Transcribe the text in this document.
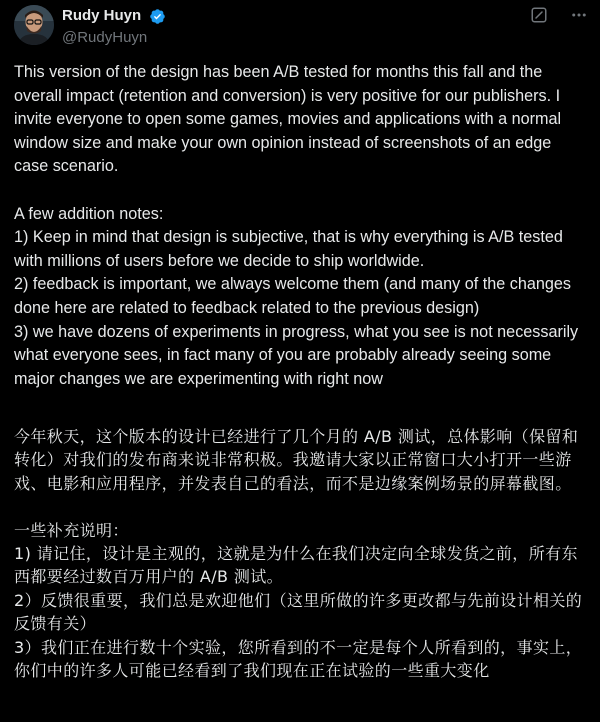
Rudy Huyn
@RudyHuyn

This version of the design has been A/B tested for months this fall and the overall impact (retention and conversion) is very positive for our publishers. I invite everyone to open some games, movies and applications with a normal window size and make your own opinion instead of screenshots of an edge case scenario.

A few addition notes:

1) Keep in mind that design is subjective, that is why everything is A/B tested with millions of users before we decide to ship worldwide.

2) feedback is important, we always welcome them (and many of the changes done here are related to feedback related to the previous design)

3) we have dozens of experiments in progress, what you see is not necessarily what everyone sees, in fact many of you are probably already seeing some major changes we are experimenting with right now

今年秋天，这个版本的设计已经进行了几个月的 A/B 测试，总体影响（保留和转化）对我们的发布商来说非常积极。我邀请大家以正常窗口大小打开一些游戏、电影和应用程序，并发表自己的看法，而不是边缘案例场景的屏幕截图。

一些补充说明：

1) 请记住，设计是主观的，这就是为什么在我们决定向全球发货之前，所有东西都要经过数百万用户的 A/B 测试。

2）反馈很重要，我们总是欢迎他们（这里所做的许多更改都与先前设计相关的反馈有关）

3）我们正在进行数十个实验，您所看到的不一定是每个人所看到的，事实上，你们中的许多人可能已经看到了我们现在正在试验的一些重大变化
